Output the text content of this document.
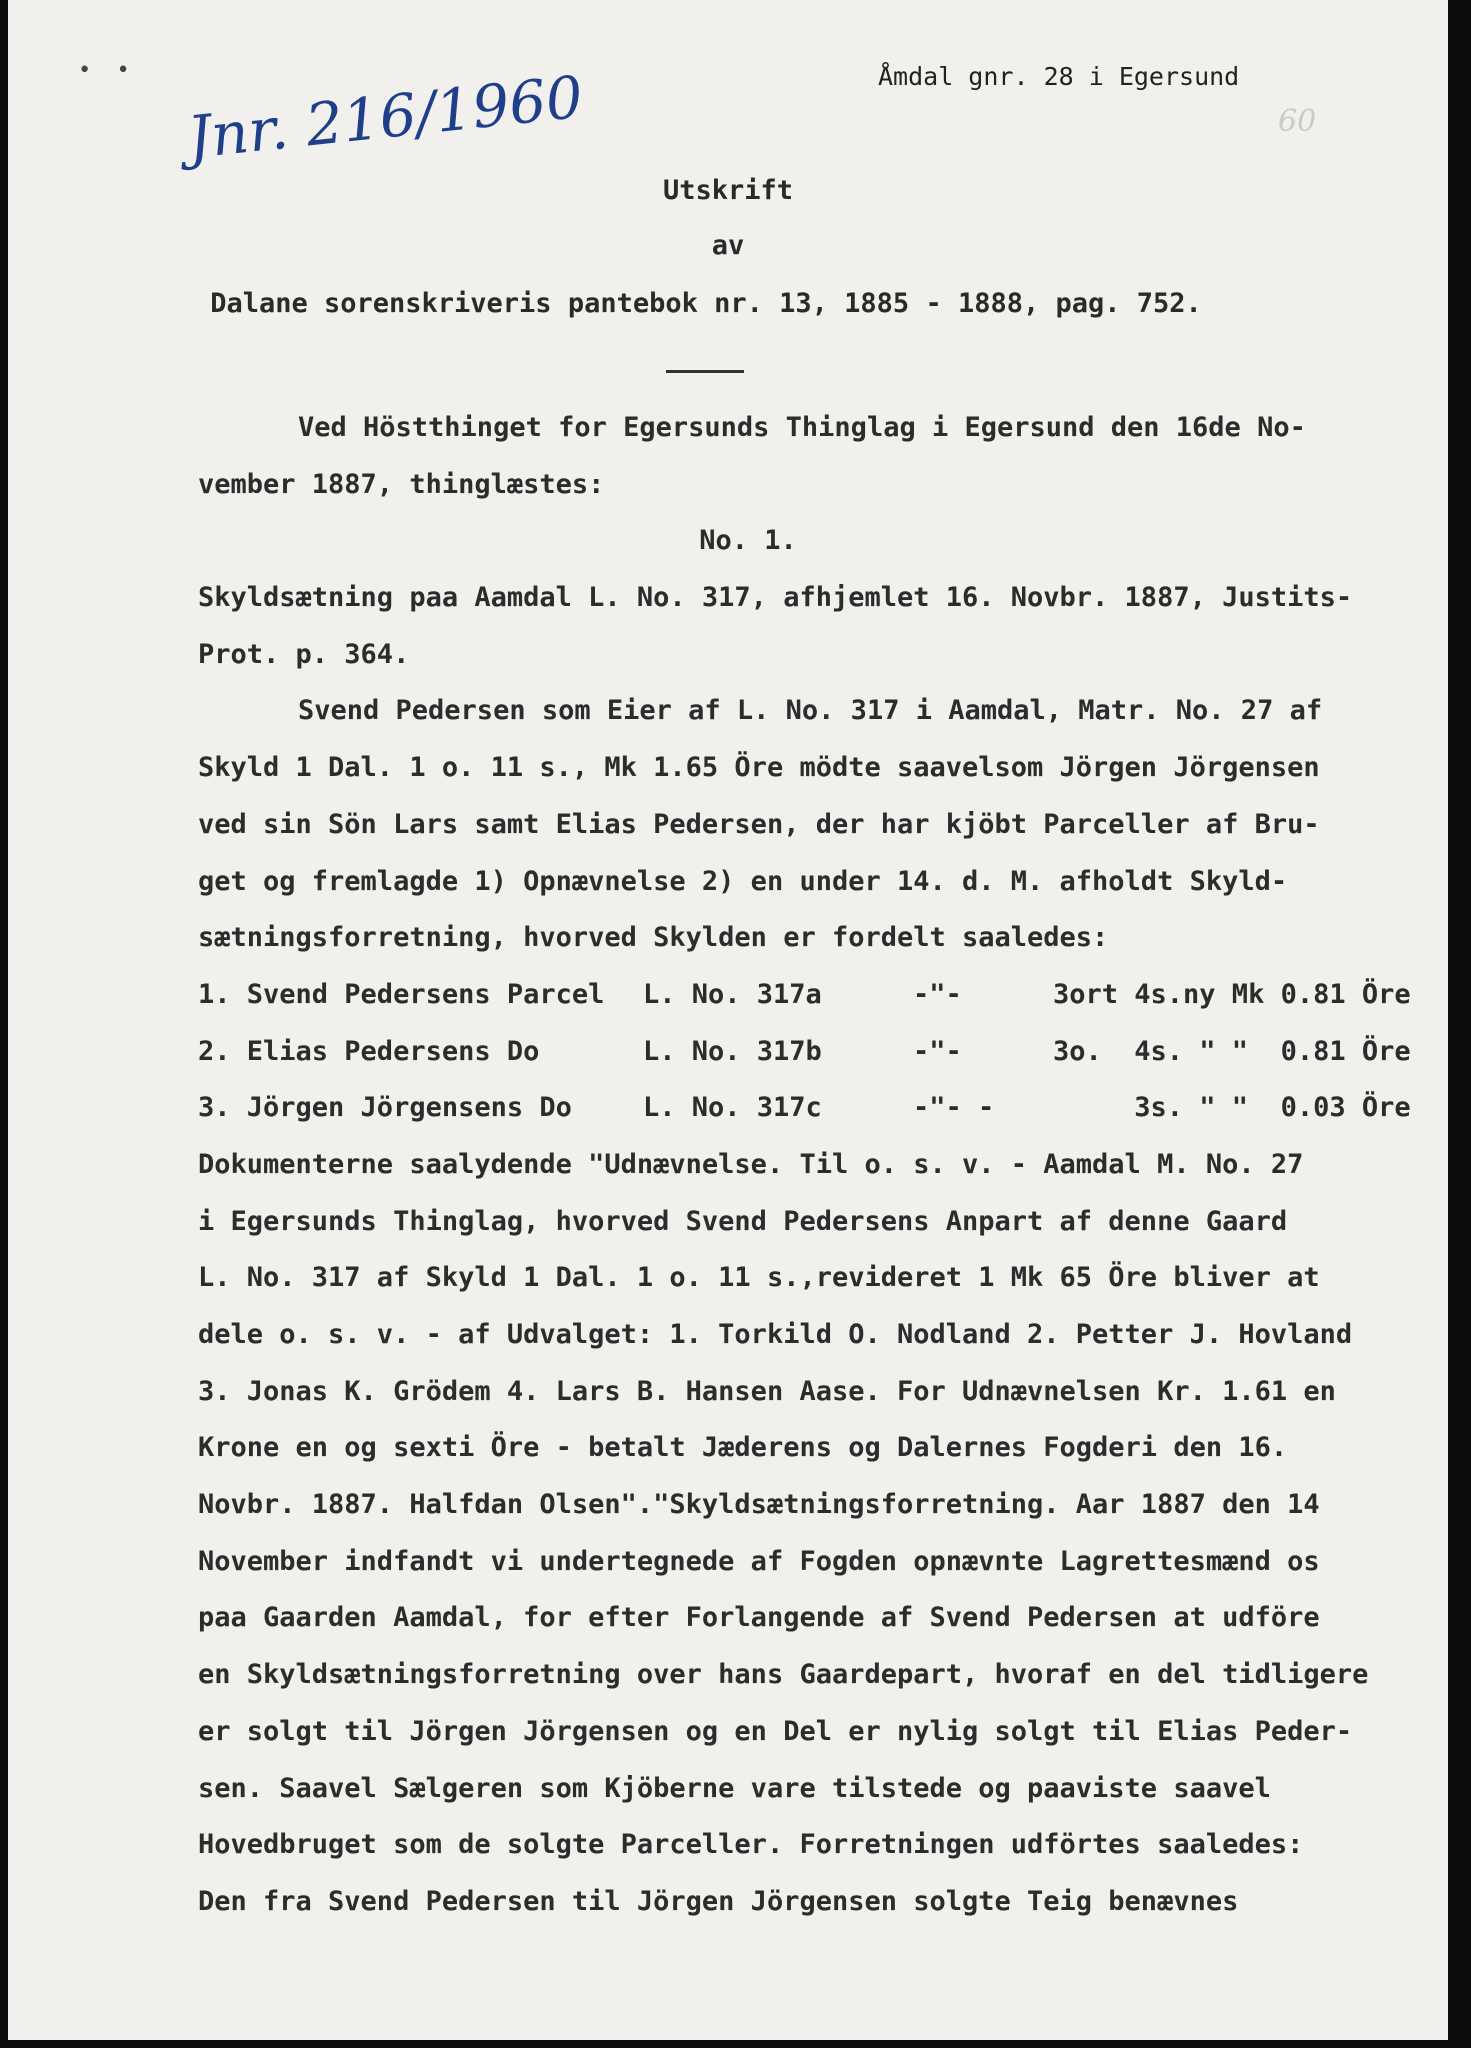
• •	Åmdal gnr. 28 i Egersund
Jnr. 216/1960	60
Utskrift
av
Dalane sorenskriveris pantebok nr. 13, 1885 - 1888, pag. 752.
Ved Höstthinget for Egersunds Thinglag i Egersund den 16de No-
vember 1887, thinglæstes:
No. 1.
Skyldsætning paa Aamdal L. No. 317, afhjemlet 16. Novbr. 1887, Justits-
Prot. p. 364.
Svend Pedersen som Eier af L. No. 317 i Aamdal, Matr. No. 27 af
Skyld 1 Dal. 1 o. 11 s., Mk 1.65 Öre mödte saavelsom Jörgen Jörgensen
ved sin Sön Lars samt Elias Pedersen, der har kjöbt Parceller af Bru-
get og fremlagde 1) Opnævnelse 2) en under 14. d. M. afholdt Skyld-
sætningsforretning, hvorved Skylden er fordelt saaledes:
1. Svend Pedersens Parcel	L. No. 317a	-"-	3ort 4s.ny Mk 0.81 Öre
2. Elias Pedersens Do	L. No. 317b	-"-	3o.  4s. " "  0.81 Öre
3. Jörgen Jörgensens Do	L. No. 317c	-"- -	3s. " "  0.03 Öre
Dokumenterne saalydende "Udnævnelse. Til o. s. v. - Aamdal M. No. 27
i Egersunds Thinglag, hvorved Svend Pedersens Anpart af denne Gaard
L. No. 317 af Skyld 1 Dal. 1 o. 11 s.,revideret 1 Mk 65 Öre bliver at
dele o. s. v. - af Udvalget: 1. Torkild O. Nodland 2. Petter J. Hovland
3. Jonas K. Grödem 4. Lars B. Hansen Aase. For Udnævnelsen Kr. 1.61 en
Krone en og sexti Öre - betalt Jæderens og Dalernes Fogderi den 16.
Novbr. 1887. Halfdan Olsen"."Skyldsætningsforretning. Aar 1887 den 14
November indfandt vi undertegnede af Fogden opnævnte Lagrettesmænd os
paa Gaarden Aamdal, for efter Forlangende af Svend Pedersen at udföre
en Skyldsætningsforretning over hans Gaardepart, hvoraf en del tidligere
er solgt til Jörgen Jörgensen og en Del er nylig solgt til Elias Peder-
sen. Saavel Sælgeren som Kjöberne vare tilstede og paaviste saavel
Hovedbruget som de solgte Parceller. Forretningen udförtes saaledes:
Den fra Svend Pedersen til Jörgen Jörgensen solgte Teig benævnes
